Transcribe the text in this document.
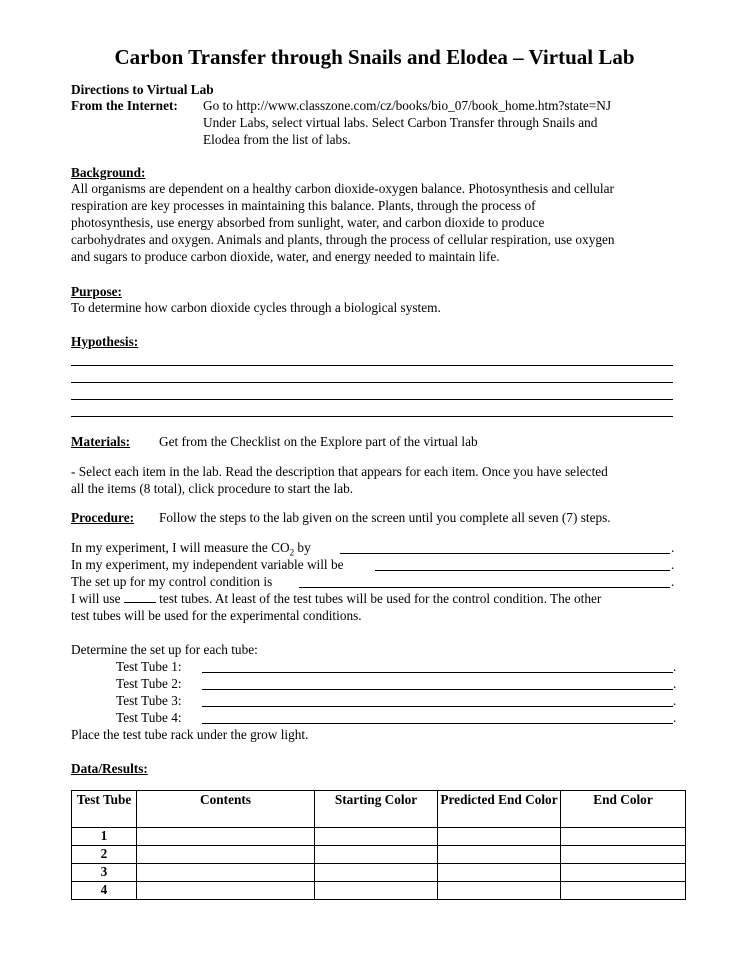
Carbon Transfer through Snails and Elodea – Virtual Lab
Directions to Virtual Lab
From the Internet: Go to http://www.classzone.com/cz/books/bio_07/book_home.htm?state=NJ
Under Labs, select virtual labs. Select Carbon Transfer through Snails and
Elodea from the list of labs.
Background:
All organisms are dependent on a healthy carbon dioxide-oxygen balance. Photosynthesis and cellular
respiration are key processes in maintaining this balance. Plants, through the process of
photosynthesis, use energy absorbed from sunlight, water, and carbon dioxide to produce
carbohydrates and oxygen. Animals and plants, through the process of cellular respiration, use oxygen
and sugars to produce carbon dioxide, water, and energy needed to maintain life.
Purpose:
To determine how carbon dioxide cycles through a biological system.
Hypothesis:
Materials: Get from the Checklist on the Explore part of the virtual lab
- Select each item in the lab. Read the description that appears for each item. Once you have selected
all the items (8 total), click procedure to start the lab.
Procedure: Follow the steps to the lab given on the screen until you complete all seven (7) steps.
In my experiment, I will measure the $CO_2$ by	.
In my experiment, my independent variable will be	.
The set up for my control condition is	.
I will use	test tubes. At least of the test tubes will be used for the control condition. The other
test tubes will be used for the experimental conditions.
Determine the set up for each tube:
Test Tube 1:	.
Test Tube 2:	.
Test Tube 3:	.
Test Tube 4:	.
Place the test tube rack under the grow light.
Data/Results:
Test Tube	Contents	Starting Color	Predicted End Color	End Color
1				
2				
3				
4				
